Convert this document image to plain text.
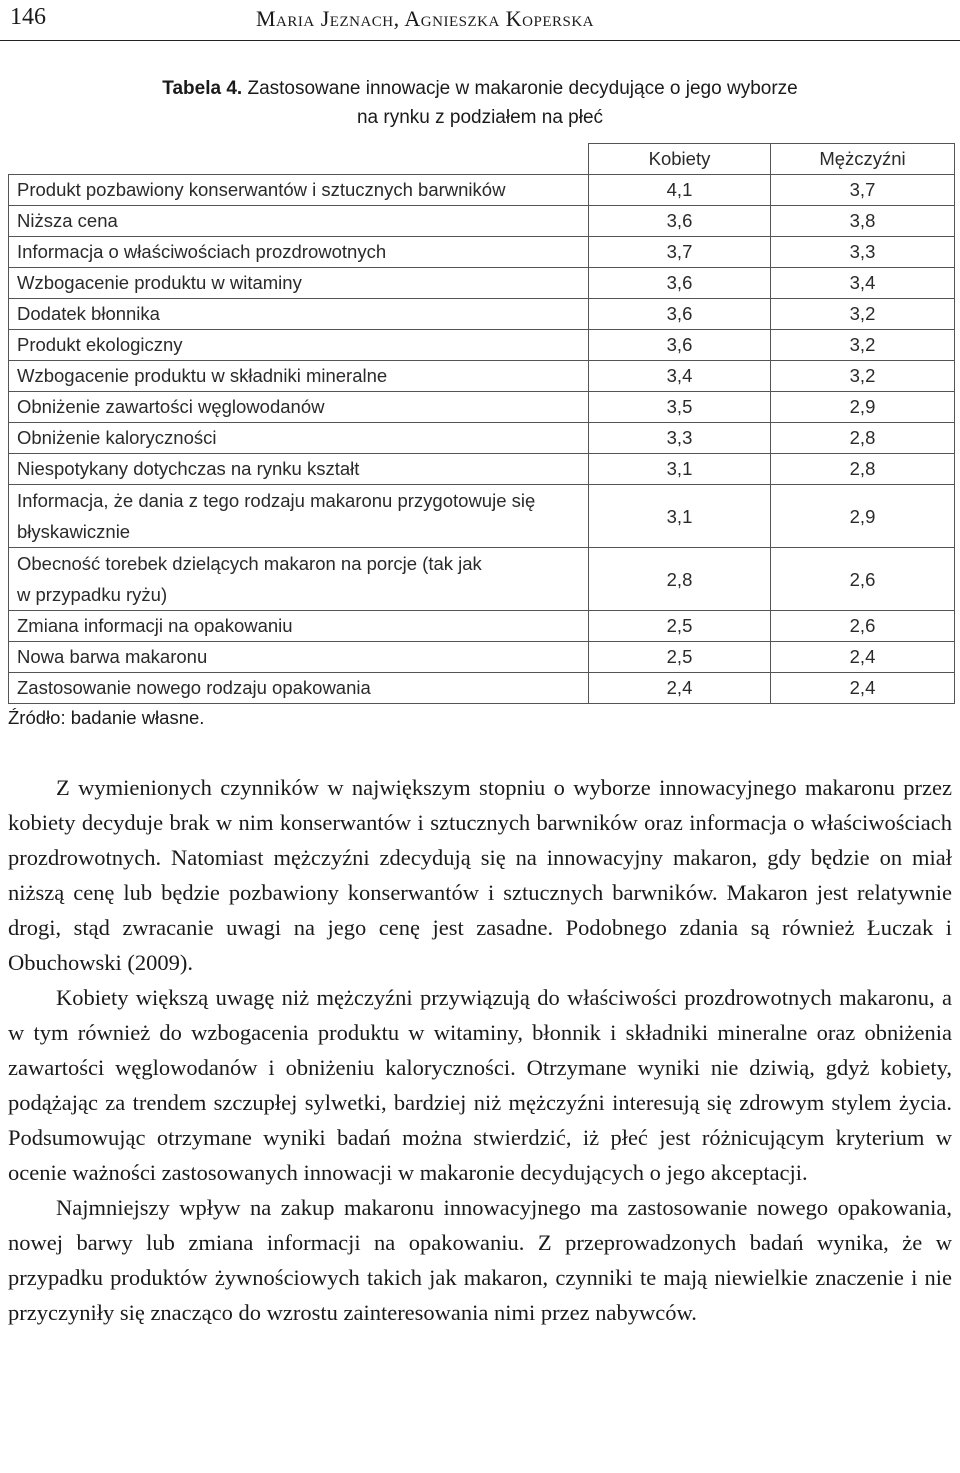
146	Maria Jeznach, Agnieszka Koperskа
Tabela 4. Zastosowane innowacje w makaronie decydujące o jego wyborze
na rynku z podziałem na płeć
	Kobiety	Mężczyźni
Produkt pozbawiony konserwantów i sztucznych barwników	4,1	3,7
Niższa cena	3,6	3,8
Informacja o właściwościach prozdrowotnych	3,7	3,3
Wzbogacenie produktu w witaminy	3,6	3,4
Dodatek błonnika	3,6	3,2
Produkt ekologiczny	3,6	3,2
Wzbogacenie produktu w składniki mineralne	3,4	3,2
Obniżenie zawartości węglowodanów	3,5	2,9
Obniżenie kaloryczności	3,3	2,8
Niespotykany dotychczas na rynku kształt	3,1	2,8
Informacja, że dania z tego rodzaju makaronu przygotowuje się
błyskawicznie	3,1	2,9
Obecność torebek dzielących makaron na porcje (tak jak
w przypadku ryżu)	2,8	2,6
Zmiana informacji na opakowaniu	2,5	2,6
Nowa barwa makaronu	2,5	2,4
Zastosowanie nowego rodzaju opakowania	2,4	2,4
Źródło: badanie własne.

Z wymienionych czynników w największym stopniu o wyborze innowacyjnego makaronu przez kobiety decyduje brak w nim konserwantów i sztucznych barwników oraz informacja o właściwościach prozdrowotnych. Natomiast mężczyźni zdecydują się na innowacyjny makaron, gdy będzie on miał niższą cenę lub będzie pozbawiony konserwantów i sztucznych barwników. Makaron jest relatywnie drogi, stąd zwracanie uwagi na jego cenę jest zasadne. Podobnego zdania są również Łuczak i Obuchowski (2009).

Kobiety większą uwagę niż mężczyźni przywiązują do właściwości prozdrowotnych makaronu, a w tym również do wzbogacenia produktu w witaminy, błonnik i składniki mineralne oraz obniżenia zawartości węglowodanów i obniżeniu kaloryczności. Otrzymane wyniki nie dziwią, gdyż kobiety, podążając za trendem szczupłej sylwetki, bardziej niż mężczyźni interesują się zdrowym stylem życia. Podsumowując otrzymane wyniki badań można stwierdzić, iż płeć jest różnicującym kryterium w ocenie ważności zastosowanych innowacji w makaronie decydujących o jego akceptacji.

Najmniejszy wpływ na zakup makaronu innowacyjnego ma zastosowanie nowego opakowania, nowej barwy lub zmiana informacji na opakowaniu. Z przeprowadzonych badań wynika, że w przypadku produktów żywnościowych takich jak makaron, czynniki te mają niewielkie znaczenie i nie przyczyniły się znacząco do wzrostu zainteresowania nimi przez nabywców.
